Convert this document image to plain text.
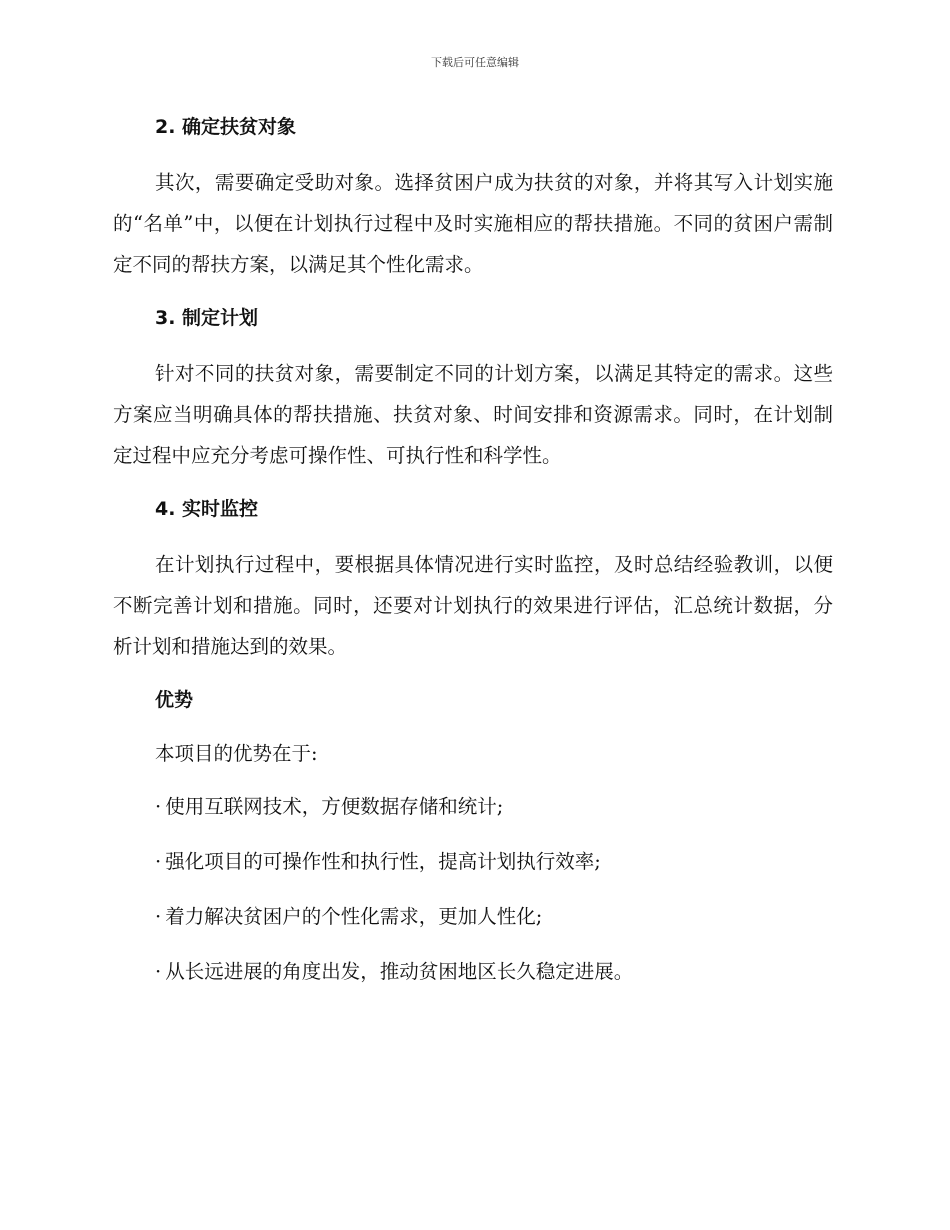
下载后可任意编辑
2. 确定扶贫对象

其次，需要确定受助对象。选择贫困户成为扶贫的对象，并将其写入计划实施的“名单”中，以便在计划执行过程中及时实施相应的帮扶措施。不同的贫困户需制定不同的帮扶方案，以满足其个性化需求。

3. 制定计划

针对不同的扶贫对象，需要制定不同的计划方案，以满足其特定的需求。这些方案应当明确具体的帮扶措施、扶贫对象、时间安排和资源需求。同时，在计划制定过程中应充分考虑可操作性、可执行性和科学性。

4. 实时监控

在计划执行过程中，要根据具体情况进行实时监控，及时总结经验教训，以便不断完善计划和措施。同时，还要对计划执行的效果进行评估，汇总统计数据，分析计划和措施达到的效果。

优势
本项目的优势在于:
· 使用互联网技术，方便数据存储和统计;
· 强化项目的可操作性和执行性，提高计划执行效率;
· 着力解决贫困户的个性化需求，更加人性化;
· 从长远进展的角度出发，推动贫困地区长久稳定进展。
